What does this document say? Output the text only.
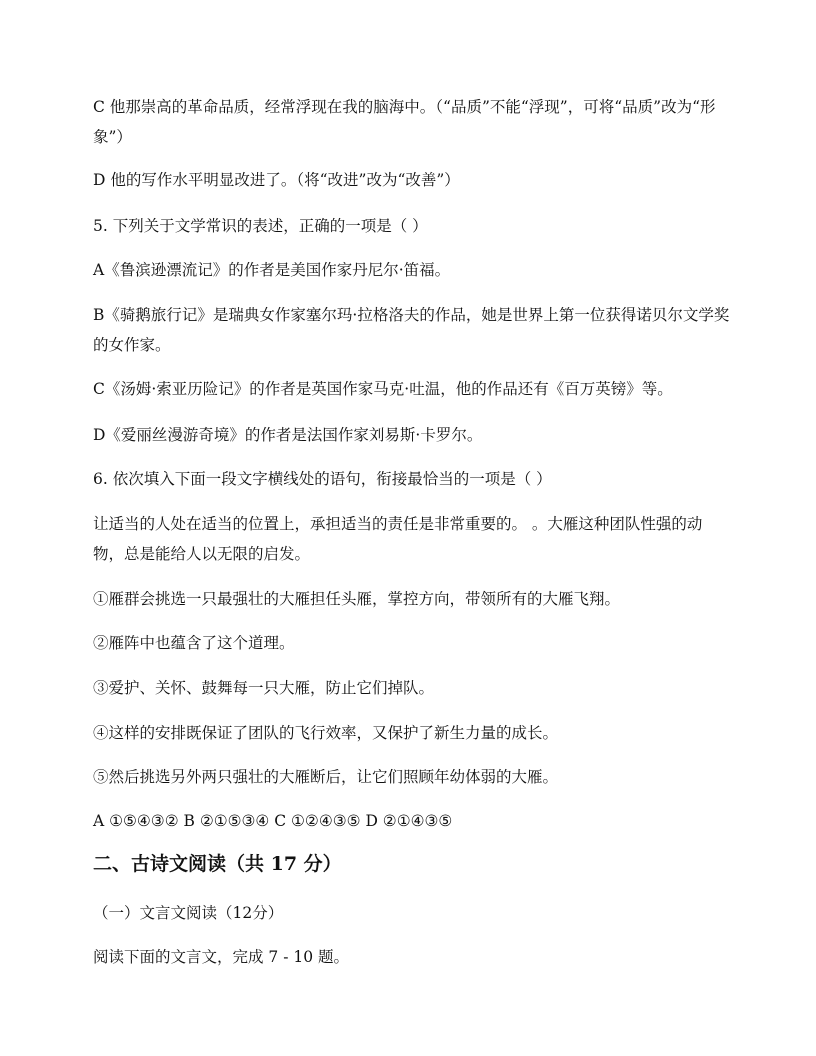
C 他那崇高的革命品质，经常浮现在我的脑海中。（“品质”不能“浮现”，可将“品质”改为“形象”）
D 他的写作水平明显改进了。（将“改进”改为“改善”）
5. 下列关于文学常识的表述，正确的一项是（ ）
A《鲁滨逊漂流记》的作者是美国作家丹尼尔·笛福。
B《骑鹅旅行记》是瑞典女作家塞尔玛·拉格洛夫的作品，她是世界上第一位获得诺贝尔文学奖的女作家。
C《汤姆·索亚历险记》的作者是英国作家马克·吐温，他的作品还有《百万英镑》等。
D《爱丽丝漫游奇境》的作者是法国作家刘易斯·卡罗尔。
6. 依次填入下面一段文字横线处的语句，衔接最恰当的一项是（ ）
让适当的人处在适当的位置上，承担适当的责任是非常重要的。 。大雁这种团队性强的动物，总是能给人以无限的启发。
①雁群会挑选一只最强壮的大雁担任头雁，掌控方向，带领所有的大雁飞翔。
②雁阵中也蕴含了这个道理。
③爱护、关怀、鼓舞每一只大雁，防止它们掉队。
④这样的安排既保证了团队的飞行效率，又保护了新生力量的成长。
⑤然后挑选另外两只强壮的大雁断后，让它们照顾年幼体弱的大雁。
A ①⑤④③② B ②①⑤③④ C ①②④③⑤ D ②①④③⑤
二、古诗文阅读（共 17 分）
（一）文言文阅读（12分）
阅读下面的文言文，完成 7 - 10 题。
